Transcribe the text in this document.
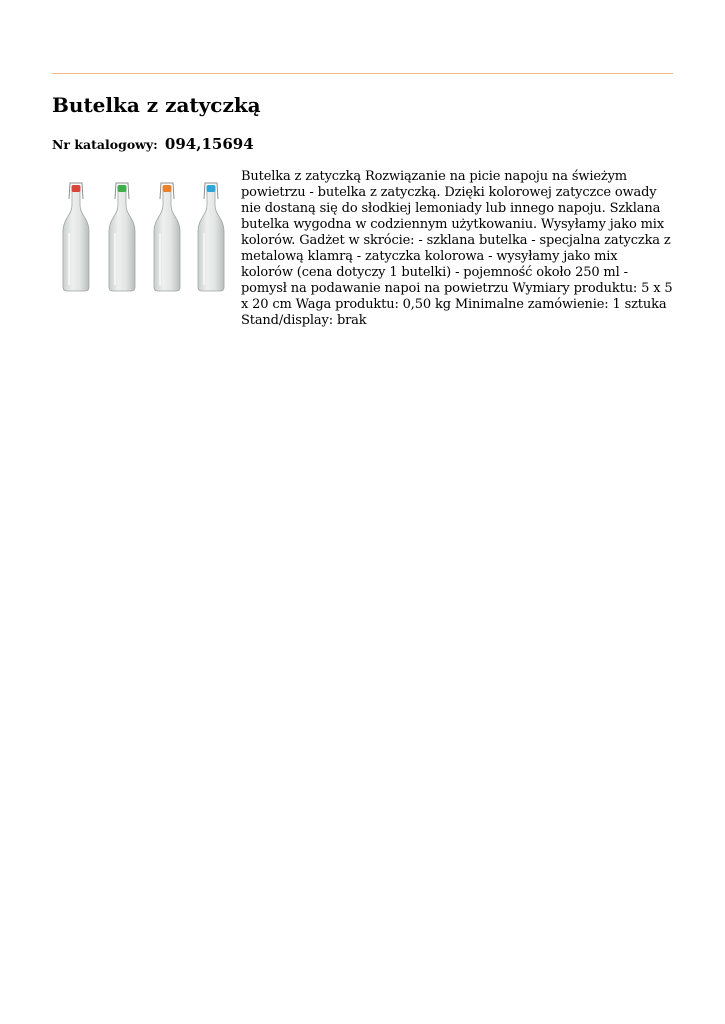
Butelka z zatyczką
Nr katalogowy: 094,15694

Butelka z zatyczką Rozwiązanie na picie napoju na świeżym powietrzu - butelka z zatyczką. Dzięki kolorowej zatyczce owady nie dostaną się do słodkiej lemoniady lub innego napoju. Szklana butelka wygodna w codziennym użytkowaniu. Wysyłamy jako mix kolorów. Gadżet w skrócie: - szklana butelka - specjalna zatyczka z metalową klamrą - zatyczka kolorowa - wysyłamy jako mix kolorów (cena dotyczy 1 butelki) - pojemność około 250 ml - pomysł na podawanie napoi na powietrzu Wymiary produktu: 5 x 5 x 20 cm Waga produktu: 0,50 kg Minimalne zamówienie: 1 sztuka Stand/display: brak
